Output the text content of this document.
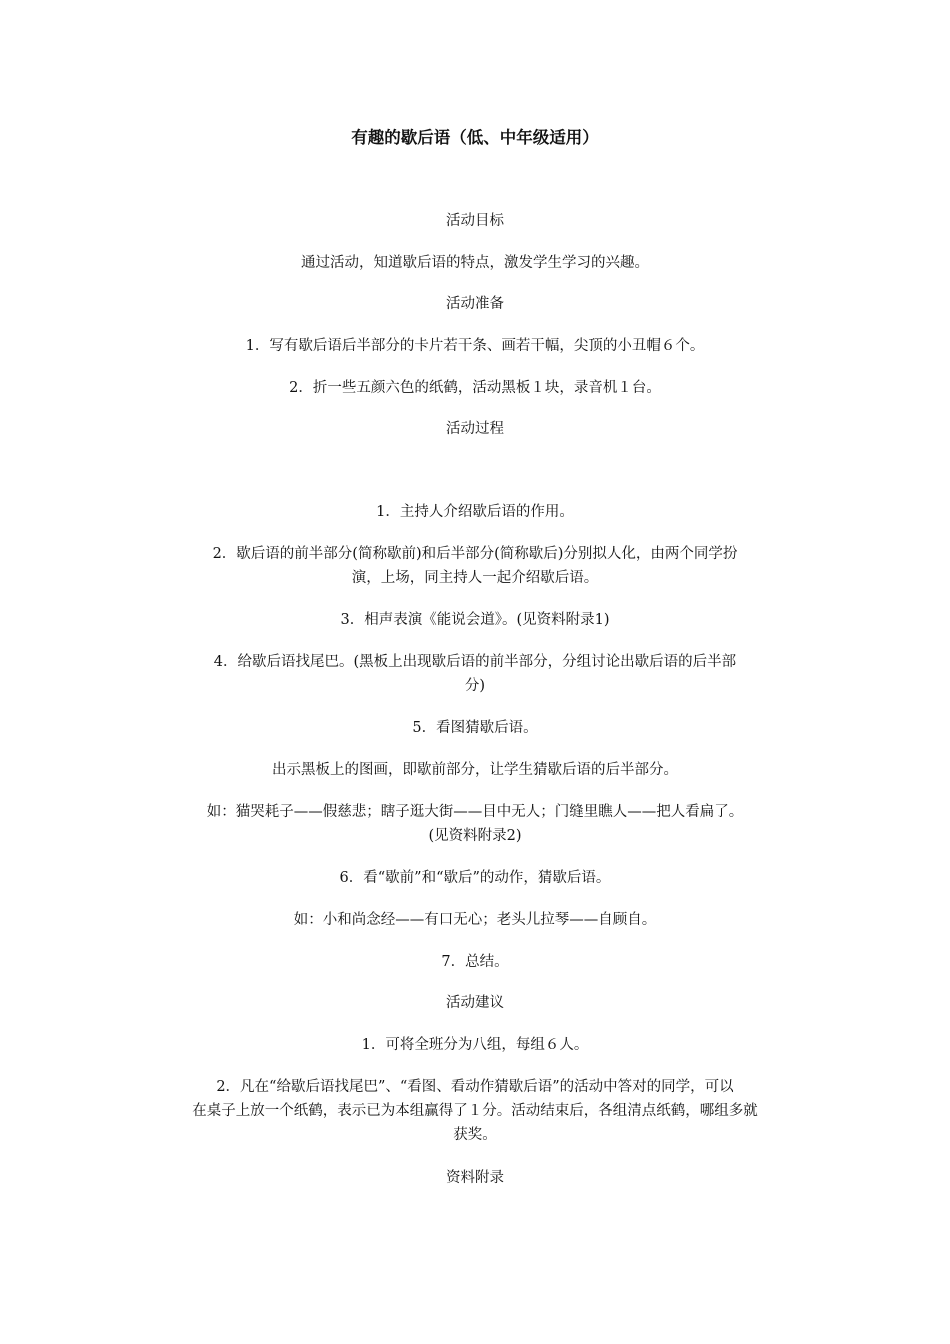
有趣的歇后语（低、中年级适用）
活动目标
通过活动，知道歇后语的特点，激发学生学习的兴趣。
活动准备
1．写有歇后语后半部分的卡片若干条、画若干幅，尖顶的小丑帽６个。
2．折一些五颜六色的纸鹤，活动黑板１块，录音机１台。
活动过程
1．主持人介绍歇后语的作用。
2．歇后语的前半部分(简称歇前)和后半部分(简称歇后)分别拟人化，由两个同学扮
演，上场，同主持人一起介绍歇后语。
3．相声表演《能说会道》。(见资料附录1)
4．给歇后语找尾巴。(黑板上出现歇后语的前半部分，分组讨论出歇后语的后半部
分)
5．看图猜歇后语。
出示黑板上的图画，即歇前部分，让学生猜歇后语的后半部分。
如：猫哭耗子——假慈悲；瞎子逛大街——目中无人；门缝里瞧人——把人看扁了。
(见资料附录2)
6．看“歇前”和“歇后”的动作，猜歇后语。
如：小和尚念经——有口无心；老头儿拉琴——自顾自。
7．总结。
活动建议
1．可将全班分为八组，每组６人。
2．凡在“给歇后语找尾巴”、“看图、看动作猜歇后语”的活动中答对的同学，可以
在桌子上放一个纸鹤，表示已为本组赢得了１分。活动结束后，各组清点纸鹤，哪组多就
获奖。
资料附录
